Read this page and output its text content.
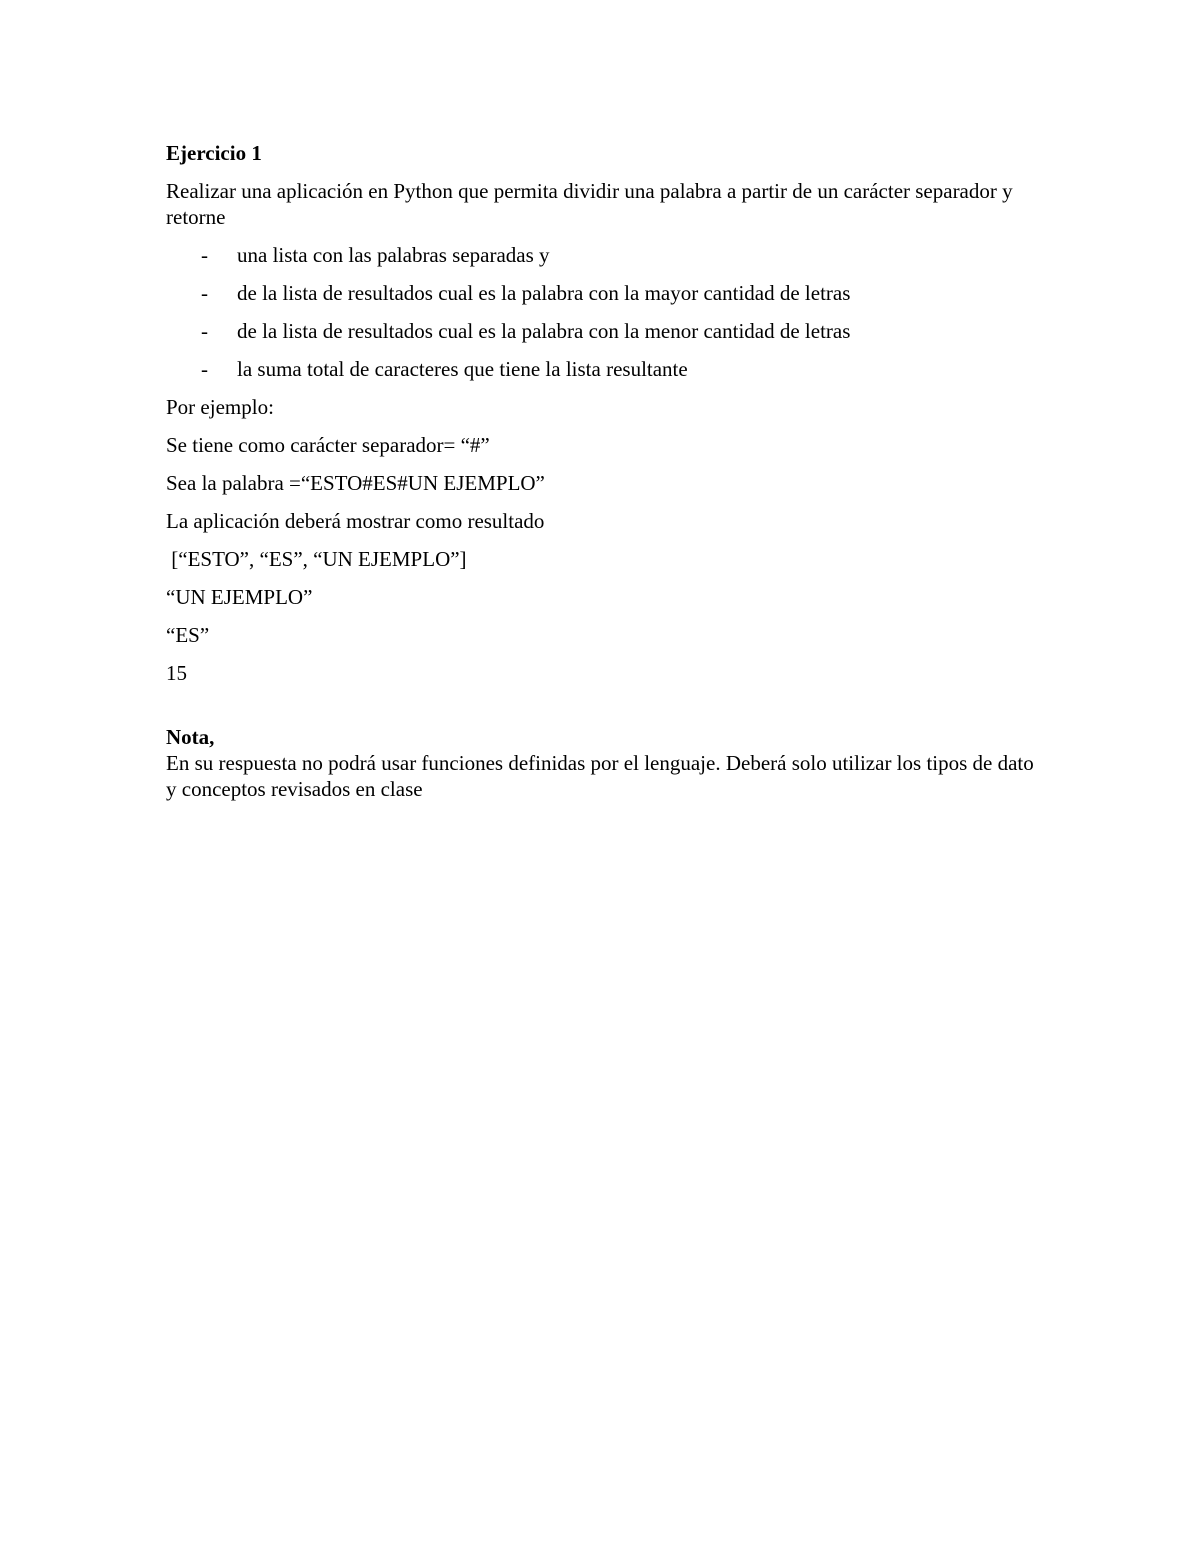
Ejercicio 1
Realizar una aplicación en Python que permita dividir una palabra a partir de un carácter separador y retorne
- una lista con las palabras separadas y
- de la lista de resultados cual es la palabra con la mayor cantidad de letras
- de la lista de resultados cual es la palabra con la menor cantidad de letras
- la suma total de caracteres que tiene la lista resultante
Por ejemplo:
Se tiene como carácter separador= “#”
Sea la palabra =“ESTO#ES#UN EJEMPLO”
La aplicación deberá mostrar como resultado
[“ESTO”, “ES”, “UN EJEMPLO”]
“UN EJEMPLO”
“ES”
15
Nota,
En su respuesta no podrá usar funciones definidas por el lenguaje. Deberá solo utilizar los tipos de dato y conceptos revisados en clase
